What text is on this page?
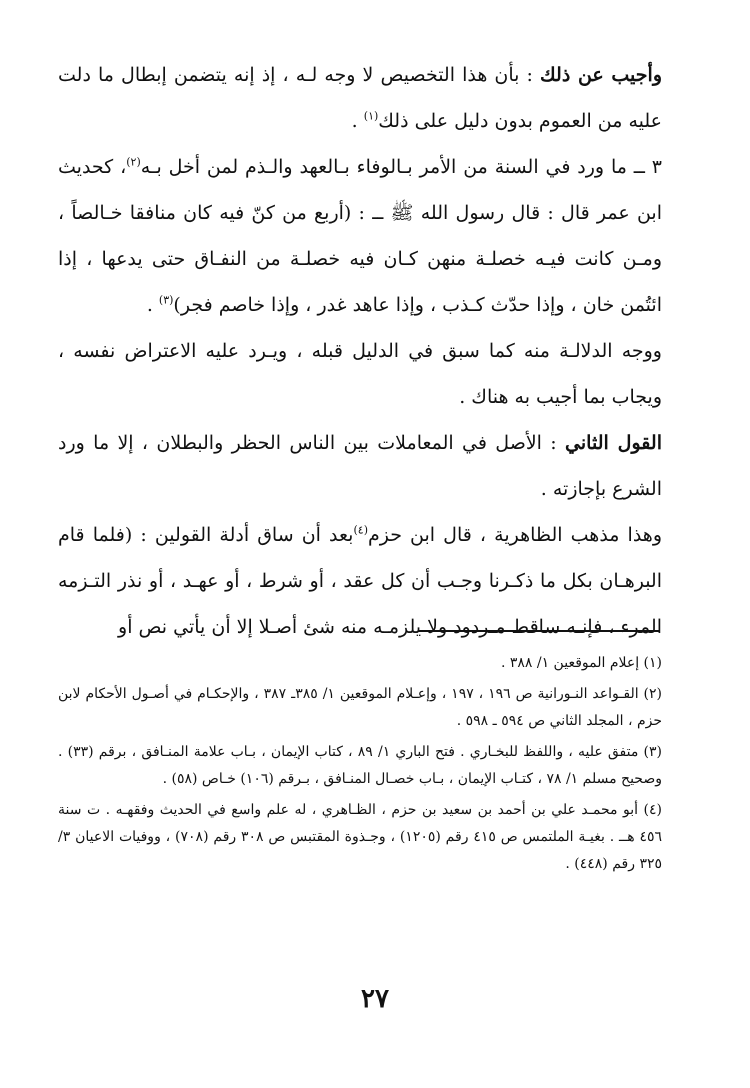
وأجيب عن ذلك : بأن هذا التخصيص لا وجه لـه ، إذ إنه يتضمن إبطال ما دلت عليه من العموم بدون دليل على ذلك$^{(١)}$ .

٣ ــ ما ورد في السنة من الأمر بـالوفاء بـالعهد والـذم لمن أخل بـه$^{(٢)}$، كحديث ابن عمر قال : قال رسول الله ﷺ ــ : (أربع من كنّ فيه كان منافقا خـالصاً ، ومـن كانت فيـه خصلـة منهن كـان فيه خصلـة من النفـاق حتى يدعها ، إذا ائتُمن خان ، وإذا حدّث كـذب ، وإذا عاهد غدر ، وإذا خاصم فجر)$^{(٣)}$ .

ووجه الدلالـة منه كما سبق في الدليل قبله ، ويـرد عليه الاعتراض نفسه ، ويجاب بما أجيب به هناك .

القول الثاني : الأصل في المعاملات بين الناس الحظر والبطلان ، إلا ما ورد الشرع بإجازته .

وهذا مذهب الظاهرية ، قال ابن حزم$^{(٤)}$بعد أن ساق أدلة القولين : (فلما قام البرهـان بكل ما ذكـرنا وجـب أن كل عقد ، أو شرط ، أو عهـد ، أو نذر التـزمه المرء ، فإنـه ساقط مـردود ولا يلزمـه منه شئ أصـلا إلا أن يأتي نص أو

(١) إعلام الموقعين ١/ ٣٨٨ .

(٢) القـواعد النـورانية ص ١٩٦ ، ١٩٧ ، وإعـلام الموقعين ١/ ٣٨٥ـ ٣٨٧ ، والإحكـام في أصـول الأحكام لابن حزم ، المجلد الثاني ص ٥٩٤ ـ ٥٩٨ .

(٣) متفق عليه ، واللفظ للبخـاري . فتح الباري ١/ ٨٩ ، كتاب الإيمان ، بـاب علامة المنـافق ، برقم (٣٣) . وصحيح مسلم ١/ ٧٨ ، كتـاب الإيمان ، بـاب خصـال المنـافق ، بـرقم (١٠٦) خـاص (٥٨) .

(٤) أبو محمـد علي بن أحمد بن سعيد بن حزم ، الظـاهري ، له علم واسع في الحديث وفقهـه . ت سنة ٤٥٦ هــ . بغيـة الملتمس ص ٤١٥ رقم (١٢٠٥) ، وجـذوة المقتبس ص ٣٠٨ رقم (٧٠٨) ، ووفيات الاعيان ٣/ ٣٢٥ رقم (٤٤٨) .

٢٧
